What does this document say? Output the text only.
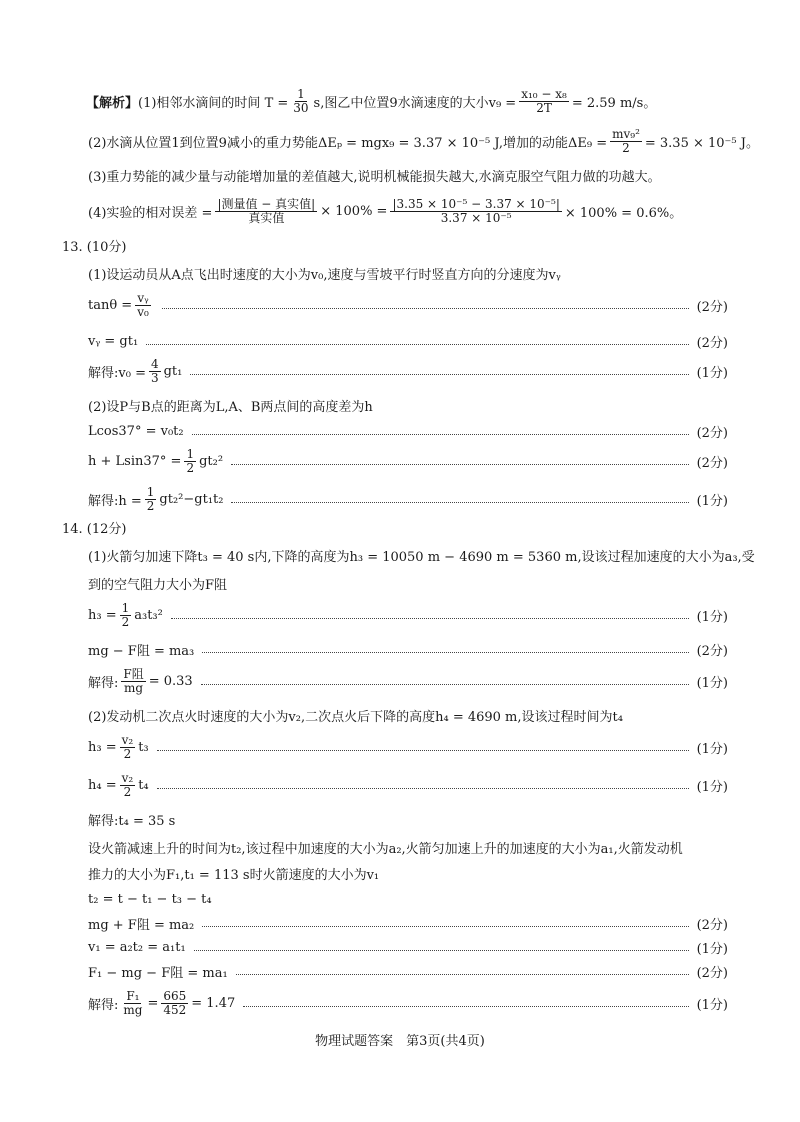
【解析】 (1)相邻水滴间的时间 $T = \frac{1}{30} s$,图乙中位置9水滴速度的大小$v_9 = \frac{\text{x₁₀ − x₈}}{2T} = 2.59$ m/s。
(2)水滴从位置1到位置9减小的重力势能ΔEₚ = mgx₉ = 3.37 × 10⁻⁵ J,增加的动能$\Delta E_9 = \frac{\text{mv₉²}}{2} = 3.35 \times 10^{-5}$ J。
(3)重力势能的减少量与动能增加量的差值越大,说明机械能损失越大,水滴克服空气阻力做的功越大。
(4)实验的相对误差 = $\frac{\text{|测量值 − 真实值|}}{\text{真实值}} \times 100\% = \frac{\text{|3.35 × 10⁻⁵ − 3.37 × 10⁻⁵|}}{\text{3.37 × 10⁻⁵}} \times 100\% = 0.6\%$。
13. (10分)
(1)设运动员从A点飞出时速度的大小为v₀,速度与雪坡平行时竖直方向的分速度为vᵧ
$\tan\theta = \frac{\text{vᵧ}}{\text{v₀}}$	(2分)
vᵧ = gt₁	(2分)
解得:v₀ = $\frac{4}{3} gt_1$	(1分)
(2)设P与B点的距离为L,A、B两点间的高度差为h
Lcos37° = v₀t₂	(2分)
$h + Lsin37^\circ = \frac{1}{2} gt_2^2$	(2分)
解得:h = $\frac{1}{2} gt_2^2-gt_1t_2$	(1分)
14. (12分)
(1)火箭匀加速下降t₃ = 40 s内,下降的高度为h₃ = 10050 m − 4690 m = 5360 m,设该过程加速度的大小为a₃,受
到的空气阻力大小为F阻
$h_3 = \frac{1}{2} a_3t_3^2$	(1分)
mg − F阻 = ma₃	(2分)
解得: $\frac{\text{F阻}}{mg} = 0.33$	(1分)
(2)发动机二次点火时速度的大小为v₂,二次点火后下降的高度h₄ = 4690 m,设该过程时间为t₄
$h_3 = \frac{\text{v₂}}{2} t_3$	(1分)
$h_4 = \frac{\text{v₂}}{2} t_4$	(1分)
解得:t₄ = 35 s
设火箭减速上升的时间为t₂,该过程中加速度的大小为a₂,火箭匀加速上升的加速度的大小为a₁,火箭发动机
推力的大小为F₁,t₁ = 113 s时火箭速度的大小为v₁
t₂ = t − t₁ − t₃ − t₄
mg + F阻 = ma₂	(2分)
v₁ = a₂t₂ = a₁t₁	(1分)
F₁ − mg − F阻 = ma₁	(2分)
解得: $\frac{\text{F₁}}{mg} = \frac{665}{452} = 1.47$	(1分)
物理试题答案　第3页(共4页)
